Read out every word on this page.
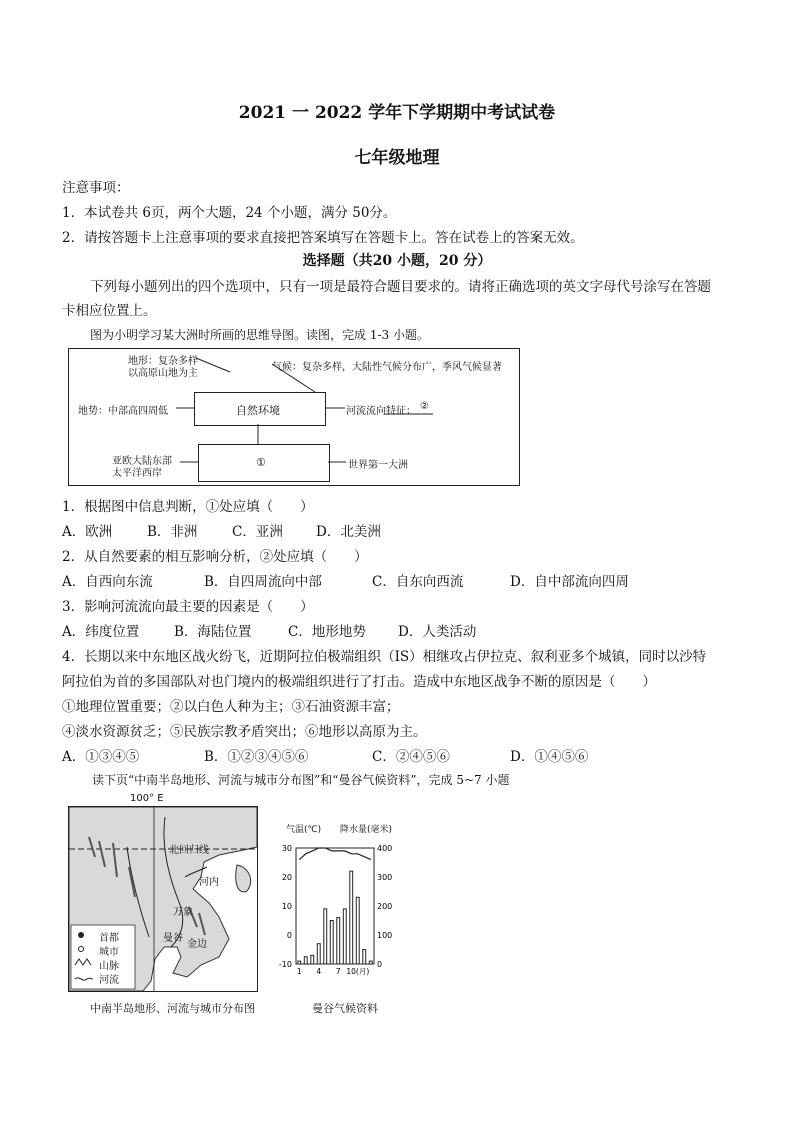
2021 一 2022 学年下学期期中考试试卷
七年级地理
注意事项：
1．本试卷共 6页，两个大题，24 个小题，满分 50分。
2．请按答题卡上注意事项的要求直接把答案填写在答题卡上。答在试卷上的答案无效。
选择题（共20 小题，20 分）
下列每小题列出的四个选项中，只有一项是最符合题目要求的。请将正确选项的英文字母代号涂写在答题
卡相应位置上。
图为小明学习某大洲时所画的思维导图。读图，完成 1-3 小题。
自然环境
①
地形：复杂多样
以高原山地为主
气候：复杂多样，大陆性气候分布广，季风气候显著
地势：中部高四周低	河流流向特征： ②
亚欧大陆东部
太平洋西岸
世界第一大洲
1．根据图中信息判断，①处应填（　　）
A．欧洲	B．非洲	C．亚洲 D．北美洲
2．从自然要素的相互影响分析，②处应填（　　）
A．自西向东流	B．自四周流向中部	C．自东向西流	D．自中部流向四周
3．影响河流流向最主要的因素是（　　）
A．纬度位置	B．海陆位置	C．地形地势 D．人类活动
4．长期以来中东地区战火纷飞，近期阿拉伯极端组织（IS）相继攻占伊拉克、叙利亚多个城镇，同时以沙特
阿拉伯为首的多国部队对也门境内的极端组织进行了打击。造成中东地区战争不断的原因是（　　）
①地理位置重要；②以白色人种为主；③石油资源丰富；
④淡水资源贫乏；⑤民族宗教矛盾突出；⑥地形以高原为主。
A．①③④⑤	B．①②③④⑤⑥	C．②④⑤⑥	D．①④⑤⑥
读下页“中南半岛地形、河流与城市分布图”和“曼谷气候资料”，完成 5~7 小题
北回归线
河内
万象
曼谷
金边
首都
城市
山脉
河流
100° E
中南半岛地形、河流与城市分布图
30
20
10
0
-10
400
300
200
100
0
1 4 7 10(月)
气温(℃) 降水量(毫米)
曼谷气候资料
